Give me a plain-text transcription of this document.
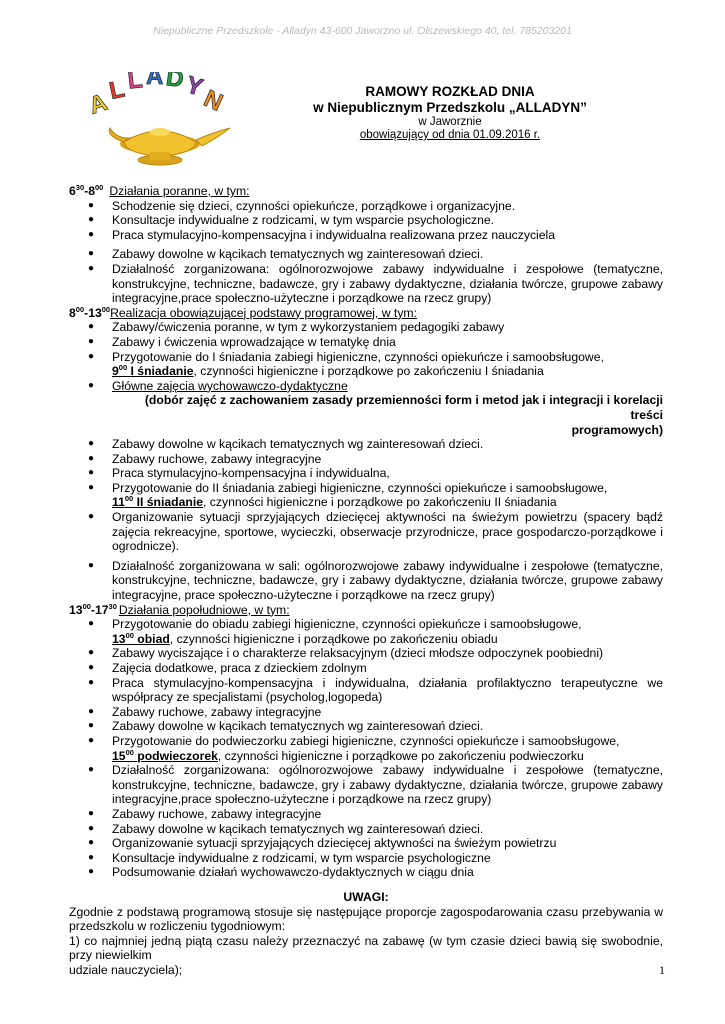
Niepubliczne Przedszkole - Alladyn 43-600 Jaworzno ul. Olszewskiego 40, tel. 785203201
A
L L A D
Y
N	RAMOWY ROZKŁAD DNIA
w Niepublicznym Przedszkolu „ALLADYN”
w Jaworznie
obowiązujący od dnia 01.09.2016 r.
$6^{30}-8^{00}$ Działania poranne, w tym:
● Schodzenie się dzieci, czynności opiekuńcze, porządkowe i organizacyjne.
● Konsultacje indywidualne z rodzicami, w tym wsparcie psychologiczne.
● Praca stymulacyjno-kompensacyjna i indywidualna realizowana przez nauczyciela
● Zabawy dowolne w kącikach tematycznych wg zainteresowań dzieci.
● Działalność zorganizowana: ogólnorozwojowe zabawy indywidualne i zespołowe (tematyczne, konstrukcyjne, techniczne, badawcze, gry i zabawy dydaktyczne, działania twórcze, grupowe zabawy integracyjne,prace społeczno-użyteczne i porządkowe na rzecz grupy)
$8^{00}-13^{00}Realizacja$ obowiązującej podstawy programowej, w tym:
● Zabawy/ćwiczenia poranne, w tym z wykorzystaniem pedagogiki zabawy
● Zabawy i ćwiczenia wprowadzające w tematykę dnia
● Przygotowanie do I śniadania zabiegi higieniczne, czynności opiekuńcze i samoobsługowe,
$9^{00}$ I śniadanie, czynności higieniczne i porządkowe po zakończeniu I śniadania
● Główne zajęcia wychowawczo-dydaktyczne
(dobór zajęć z zachowaniem zasady przemienności form i metod jak i integracji i korelacji treści
programowych)
● Zabawy dowolne w kącikach tematycznych wg zainteresowań dzieci.
● Zabawy ruchowe, zabawy integracyjne
● Praca stymulacyjno-kompensacyjna i indywidualna,
● Przygotowanie do II śniadania zabiegi higieniczne, czynności opiekuńcze i samoobsługowe,
$11^{00}$ II śniadanie, czynności higieniczne i porządkowe po zakończeniu II śniadania
● Organizowanie sytuacji sprzyjających dziecięcej aktywności na świeżym powietrzu (spacery bądź zajęcia rekreacyjne, sportowe, wycieczki, obserwacje przyrodnicze, prace gospodarczo-porządkowe i ogrodnicze).
● Działalność zorganizowana w sali: ogólnorozwojowe zabawy indywidualne i zespołowe (tematyczne, konstrukcyjne, techniczne, badawcze, gry i zabawy dydaktyczne, działania twórcze, grupowe zabawy integracyjne, prace społeczno-użyteczne i porządkowe na rzecz grupy)
$13^{00}-17^{30}$ Działania popołudniowe, w tym:
● Przygotowanie do obiadu zabiegi higieniczne, czynności opiekuńcze i samoobsługowe,
$13^{00}$ obiad, czynności higieniczne i porządkowe po zakończeniu obiadu
● Zabawy wyciszające i o charakterze relaksacyjnym (dzieci młodsze odpoczynek poobiedni)
● Zajęcia dodatkowe, praca z dzieckiem zdolnym
● Praca stymulacyjno-kompensacyjna i indywidualna, działania profilaktyczno terapeutyczne we współpracy ze specjalistami (psycholog,logopeda)
● Zabawy ruchowe, zabawy integracyjne
● Zabawy dowolne w kącikach tematycznych wg zainteresowań dzieci.
● Przygotowanie do podwieczorku zabiegi higieniczne, czynności opiekuńcze i samoobsługowe,
$15^{00}$ podwieczorek, czynności higieniczne i porządkowe po zakończeniu podwieczorku
● Działalność zorganizowana: ogólnorozwojowe zabawy indywidualne i zespołowe (tematyczne, konstrukcyjne, techniczne, badawcze, gry i zabawy dydaktyczne, działania twórcze, grupowe zabawy integracyjne,prace społeczno-użyteczne i porządkowe na rzecz grupy)
● Zabawy ruchowe, zabawy integracyjne
● Zabawy dowolne w kącikach tematycznych wg zainteresowań dzieci.
● Organizowanie sytuacji sprzyjających dziecięcej aktywności na świeżym powietrzu
● Konsultacje indywidualne z rodzicami, w tym wsparcie psychologiczne
● Podsumowanie działań wychowawczo-dydaktycznych w ciągu dnia
UWAGI:

Zgodnie z podstawą programową stosuje się następujące proporcje zagospodarowania czasu przebywania w przedszkolu w rozliczeniu tygodniowym:

1) co najmniej jedną piątą czasu należy przeznaczyć na zabawę (w tym czasie dzieci bawią się swobodnie, przy niewielkim

udziale nauczyciela);	1
